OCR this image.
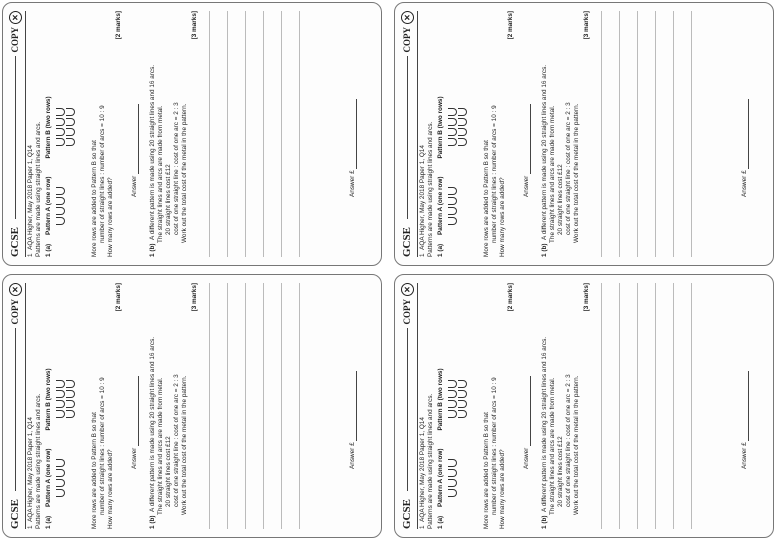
GCSE
COPY
✕
1  AQA Higher, May 2018 Paper 1, Q14 Patterns are made using straight lines and arcs. 1 (a)
Pattern A (one row)
Pattern B (two rows)
More rows are added to Pattern B so that number of straight lines : number of arcs = 10 : 9 How many rows are added?
[2 marks]
Answer
1 (b)  A different pattern is made using 20 straight lines and 16 arcs. The straight lines and arcs are made from metal. 20 straight lines cost £12 cost of one straight line : cost of one arc = 2 : 3 Work out the total cost of the metal in the pattern.
[3 marks]
Answer £
GCSE
COPY
✕
1  AQA Higher, May 2018 Paper 1, Q14 Patterns are made using straight lines and arcs. 1 (a)
Pattern A (one row)
Pattern B (two rows)
More rows are added to Pattern B so that number of straight lines : number of arcs = 10 : 9 How many rows are added?
[2 marks]
Answer
1 (b)  A different pattern is made using 20 straight lines and 16 arcs. The straight lines and arcs are made from metal. 20 straight lines cost £12 cost of one straight line : cost of one arc = 2 : 3 Work out the total cost of the metal in the pattern.
[3 marks]
Answer £
GCSE
COPY
✕
1  AQA Higher, May 2018 Paper 1, Q14 Patterns are made using straight lines and arcs. 1 (a)
Pattern A (one row)
Pattern B (two rows)
More rows are added to Pattern B so that number of straight lines : number of arcs = 10 : 9 How many rows are added?
[2 marks]
Answer
1 (b)  A different pattern is made using 20 straight lines and 16 arcs. The straight lines and arcs are made from metal. 20 straight lines cost £12 cost of one straight line : cost of one arc = 2 : 3 Work out the total cost of the metal in the pattern.
[3 marks]
Answer £
GCSE
COPY
✕
1  AQA Higher, May 2018 Paper 1, Q14 Patterns are made using straight lines and arcs. 1 (a)
Pattern A (one row)
Pattern B (two rows)
More rows are added to Pattern B so that number of straight lines : number of arcs = 10 : 9 How many rows are added?
[2 marks]
Answer
1 (b)  A different pattern is made using 20 straight lines and 16 arcs. The straight lines and arcs are made from metal. 20 straight lines cost £12 cost of one straight line : cost of one arc = 2 : 3 Work out the total cost of the metal in the pattern.
[3 marks]
Answer £
